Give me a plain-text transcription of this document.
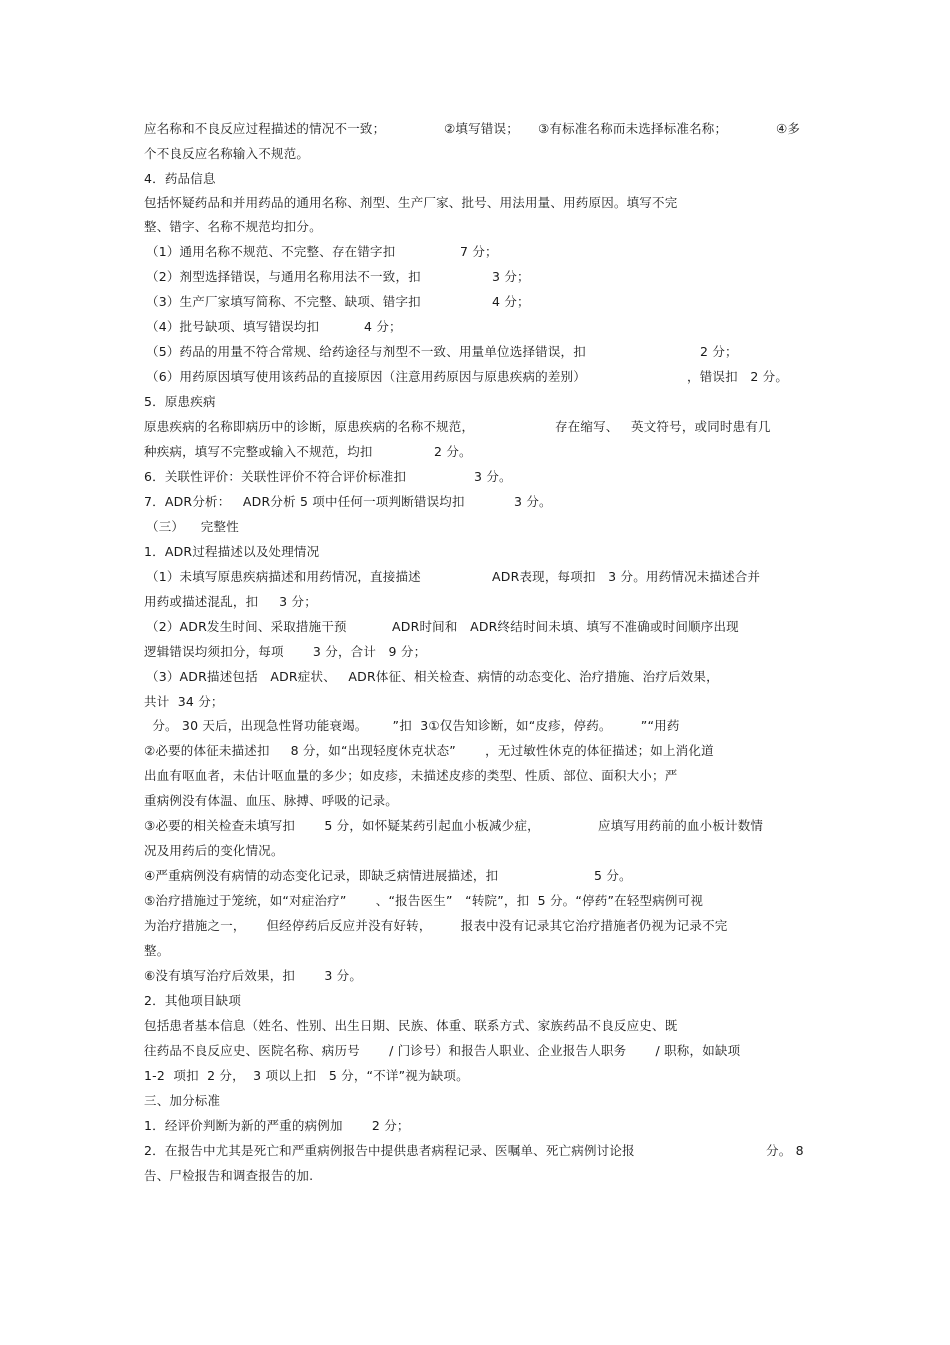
应名称和不良反应过程描述的情况不一致；	②填写错误； ③有标准名称而未选择标准名称；	④多
个不良反应名称输入不规范。
4．药品信息
包括怀疑药品和并用药品的通用名称、剂型、生产厂家、批号、用法用量、用药原因。填写不完
整、错字、名称不规范均扣分。
（1）通用名称不规范、不完整、存在错字扣	7 分；
（2）剂型选择错误，与通用名称用法不一致，扣	3 分；
（3）生产厂家填写简称、不完整、缺项、错字扣	4 分；
（4）批号缺项、填写错误均扣	4 分；
（5）药品的用量不符合常规、给药途径与剂型不一致、用量单位选择错误，扣	2 分；
（6）用药原因填写使用该药品的直接原因（注意用药原因与原患疾病的差别）	，错误扣   2 分。
5．原患疾病
原患疾病的名称即病历中的诊断，原患疾病的名称不规范，	存在缩写、   英文符号，或同时患有几
种疾病，填写不完整或输入不规范，均扣	2 分。
6．关联性评价：关联性评价不符合评价标准扣	3 分。
7．ADR分析：   ADR分析 5 项中任何一项判断错误均扣	3 分。
（三）    完整性
1．ADR过程描述以及处理情况
（1）未填写原患疾病描述和用药情况，直接描述	ADR表现，每项扣   3 分。用药情况未描述合并
用药或描述混乱，扣     3 分；
（2）ADR发生时间、采取措施干预	ADR时间和   ADR终结时间未填、填写不准确或时间顺序出现
逻辑错误均须扣分，每项       3 分，合计   9 分；
（3）ADR描述包括   ADR症状、   ADR体征、相关检查、病情的动态变化、治疗措施、治疗后效果，
共计  34 分；
分。 30 天后，出现急性肾功能衰竭。      ”扣  3①仅告知诊断，如“皮疹，停药。       ”“用药
②必要的体征未描述扣     8 分，如“出现轻度休克状态”       ，无过敏性休克的体征描述；如上消化道
出血有呕血者，未估计呕血量的多少；如皮疹，未描述皮疹的类型、性质、部位、面积大小；严
重病例没有体温、血压、脉搏、呼吸的记录。
③必要的相关检查未填写扣       5 分，如怀疑某药引起血小板减少症，	应填写用药前的血小板计数情
况及用药后的变化情况。
④严重病例没有病情的动态变化记录，即缺乏病情进展描述，扣	5 分。
⑤治疗措施过于笼统，如“对症治疗”       、“报告医生”   “转院”，扣  5 分。“停药”在轻型病例可视
为治疗措施之一，     但经停药后反应并没有好转，       报表中没有记录其它治疗措施者仍视为记录不完
整。
⑥没有填写治疗后效果，扣       3 分。
2．其他项目缺项
包括患者基本信息（姓名、性别、出生日期、民族、体重、联系方式、家族药品不良反应史、既
往药品不良反应史、医院名称、病历号       / 门诊号）和报告人职业、企业报告人职务       / 职称，如缺项
1-2  项扣  2 分，  3 项以上扣   5 分，“不详”视为缺项。
三、加分标准
1．经评价判断为新的严重的病例加       2 分；
2．在报告中尤其是死亡和严重病例报告中提供患者病程记录、医嘱单、死亡病例讨论报	分。 8
告、尸检报告和调查报告的加.
